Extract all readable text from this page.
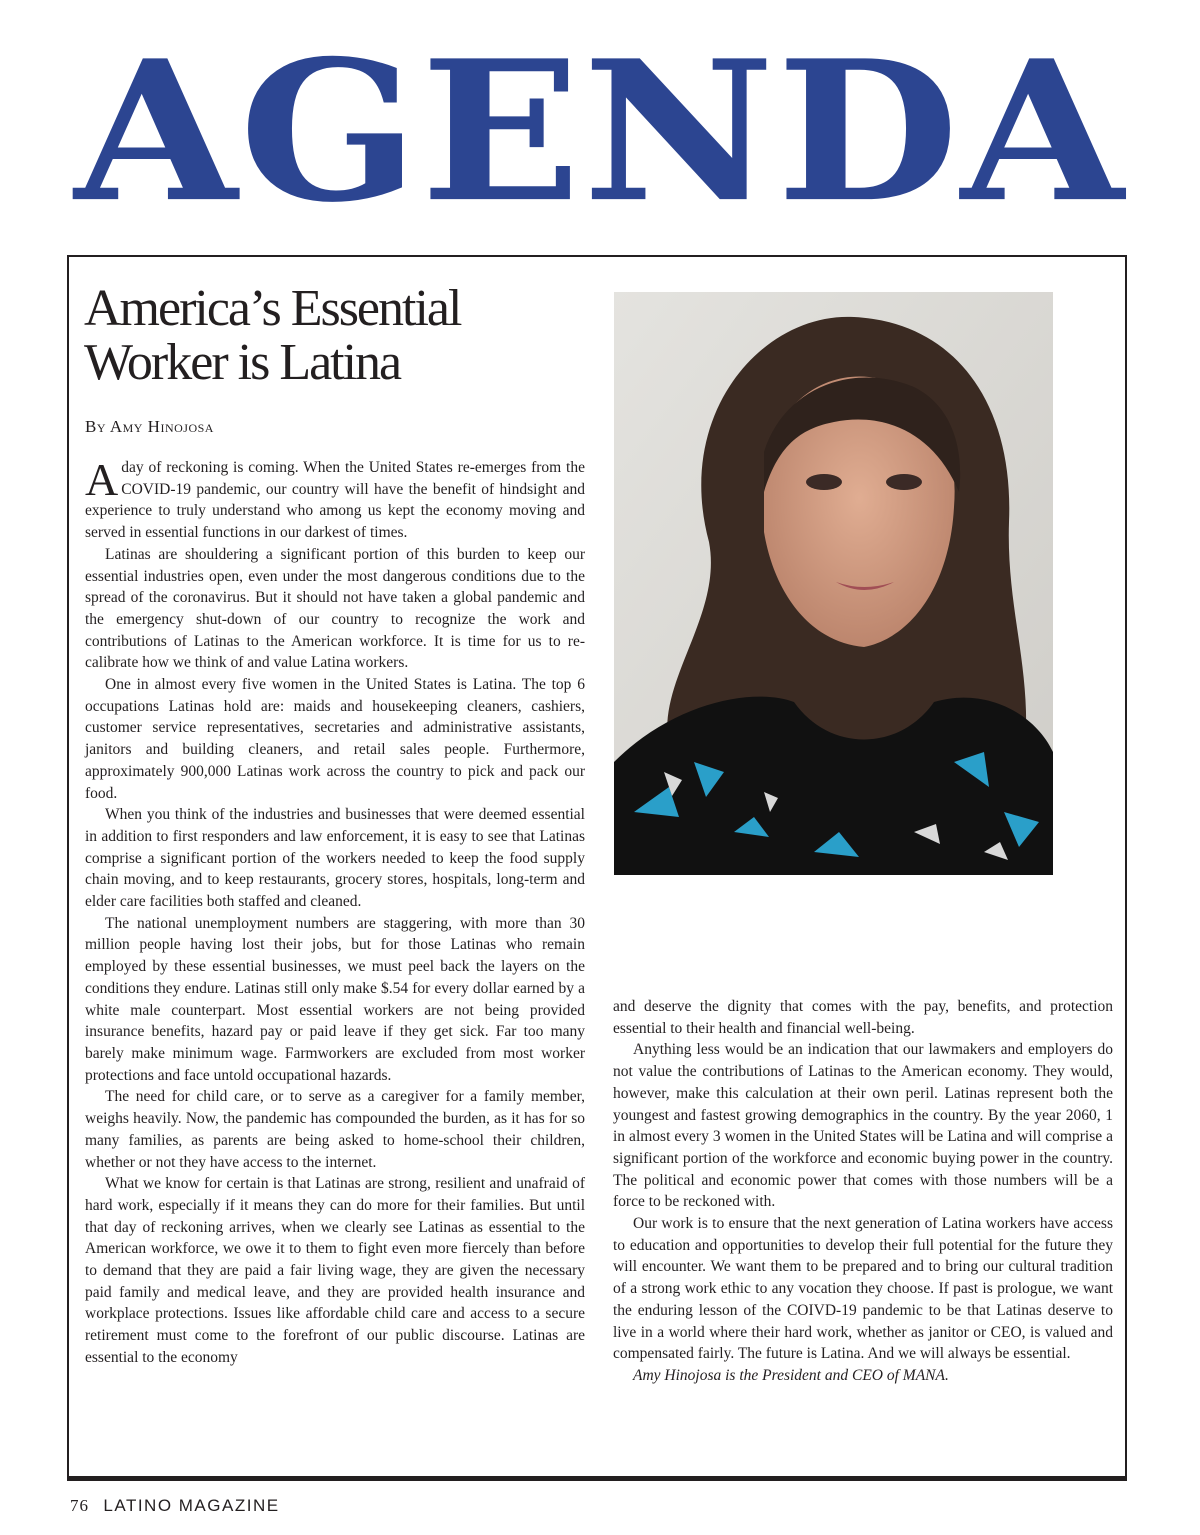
AGENDA
America’s Essential
Worker is Latina

By Amy Hinojosa

A day of reckoning is coming. When the United States re-emerges from the COVID-19 pandemic, our country will have the benefit of hindsight and experience to truly understand who among us kept the economy moving and served in essential functions in our darkest of times.

Latinas are shouldering a significant portion of this burden to keep our essential industries open, even under the most dangerous conditions due to the spread of the coronavirus. But it should not have taken a global pandemic and the emergency shut-down of our country to recognize the work and contributions of Latinas to the American workforce. It is time for us to re-calibrate how we think of and value Latina workers.

One in almost every five women in the United States is Latina. The top 6 occupations Latinas hold are: maids and housekeeping cleaners, cashiers, customer service representatives, secretaries and administrative assistants, janitors and building cleaners, and retail sales people. Furthermore, approximately 900,000 Latinas work across the country to pick and pack our food.

When you think of the industries and businesses that were deemed essential in addition to first responders and law enforcement, it is easy to see that Latinas comprise a significant portion of the workers needed to keep the food supply chain moving, and to keep restaurants, grocery stores, hospitals, long-term and elder care facilities both staffed and cleaned.

The national unemployment numbers are staggering, with more than 30 million people having lost their jobs, but for those Latinas who remain employed by these essential businesses, we must peel back the layers on the conditions they endure. Latinas still only make $.54 for every dollar earned by a white male counterpart. Most essential workers are not being provided insurance benefits, hazard pay or paid leave if they get sick. Far too many barely make minimum wage. Farmworkers are excluded from most worker protections and face untold occupational hazards.

The need for child care, or to serve as a caregiver for a family member, weighs heavily. Now, the pandemic has compounded the burden, as it has for so many families, as parents are being asked to home-school their children, whether or not they have access to the internet.

What we know for certain is that Latinas are strong, resilient and unafraid of hard work, especially if it means they can do more for their families. But until that day of reckoning arrives, when we clearly see Latinas as essential to the American workforce, we owe it to them to fight even more fiercely than before to demand that they are paid a fair living wage, they are given the necessary paid family and medical leave, and they are provided health insurance and workplace protections. Issues like affordable child care and access to a secure retirement must come to the forefront of our public discourse. Latinas are essential to the economy

and deserve the dignity that comes with the pay, benefits, and protection essential to their health and financial well-being.

Anything less would be an indication that our lawmakers and employers do not value the contributions of Latinas to the American economy. They would, however, make this calculation at their own peril. Latinas represent both the youngest and fastest growing demographics in the country. By the year 2060, 1 in almost every 3 women in the United States will be Latina and will comprise a significant portion of the workforce and economic buying power in the country. The political and economic power that comes with those numbers will be a force to be reckoned with.

Our work is to ensure that the next generation of Latina workers have access to education and opportunities to develop their full potential for the future they will encounter. We want them to be prepared and to bring our cultural tradition of a strong work ethic to any vocation they choose. If past is prologue, we want the enduring lesson of the COIVD-19 pandemic to be that Latinas deserve to live in a world where their hard work, whether as janitor or CEO, is valued and compensated fairly. The future is Latina. And we will always be essential.

Amy Hinojosa is the President and CEO of MANA.

76 LATINO MAGAZINE
